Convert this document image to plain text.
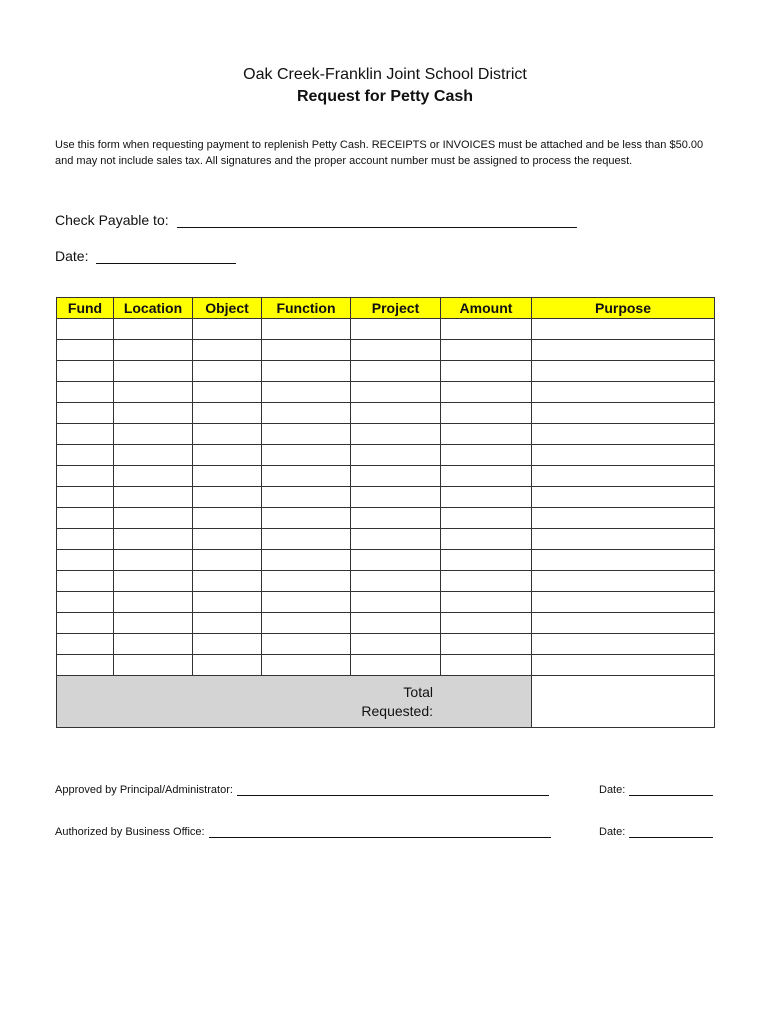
Oak Creek-Franklin Joint School District
Request for Petty Cash
Use this form when requesting payment to replenish Petty Cash. RECEIPTS or INVOICES must be attached and be less than $50.00 and may not include sales tax. All signatures and the proper account number must be assigned to process the request.
Check Payable to:
Date:
Fund	Location	Object	Function	Project	Amount	Purpose

Total
Requested:						
Approved by Principal/Administrator:	Date:
Authorized by Business Office:	Date:
